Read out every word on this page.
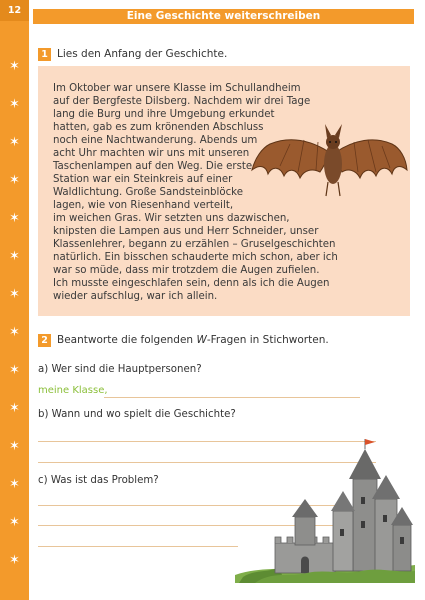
12
✶
✶
✶
✶
✶
✶
✶
✶
✶
✶
✶
✶
✶
✶
Eine Geschichte weiterschreiben
1 Lies den Anfang der Geschichte.
Im Oktober war unsere Klasse im Schullandheim
auf der Bergfeste Dilsberg. Nachdem wir drei Tage
lang die Burg und ihre Umgebung erkundet
hatten, gab es zum krönenden Abschluss
noch eine Nachtwanderung. Abends um
acht Uhr machten wir uns mit unseren
Taschenlampen auf den Weg. Die erste
Station war ein Steinkreis auf einer
Waldlichtung. Große Sandsteinblöcke
lagen, wie von Riesenhand verteilt,
im weichen Gras. Wir setzten uns dazwischen,
knipsten die Lampen aus und Herr Schneider, unser
Klassenlehrer, begann zu erzählen – Gruselgeschichten
natürlich. Ein bisschen schauderte mich schon, aber ich
war so müde, dass mir trotzdem die Augen zufielen.
Ich musste eingeschlafen sein, denn als ich die Augen
wieder aufschlug, war ich allein.
2 Beantworte die folgenden W-Fragen in Stichworten.
a) Wer sind die Hauptpersonen?
meine Klasse,
b) Wann und wo spielt die Geschichte?
c) Was ist das Problem?
